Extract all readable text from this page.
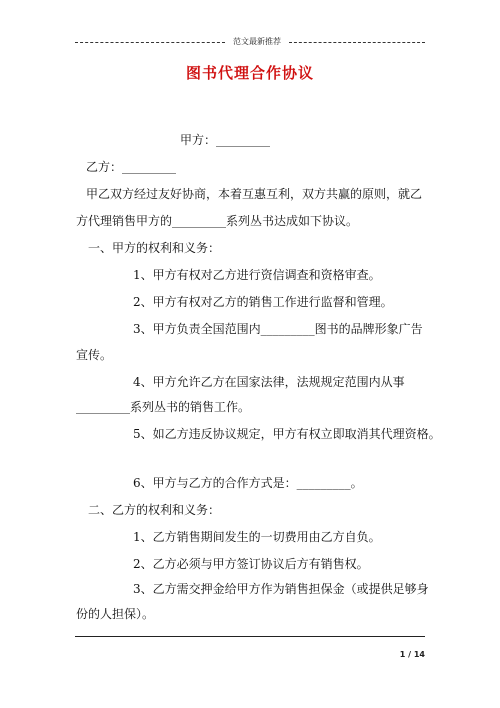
范文最新推荐
图书代理合作协议
甲方：_________
乙方：_________
甲乙双方经过友好协商，本着互惠互利，双方共赢的原则，就乙
方代理销售甲方的_________系列丛书达成如下协议。
一、甲方的权利和义务：
1、甲方有权对乙方进行资信调查和资格审查。
2、甲方有权对乙方的销售工作进行监督和管理。
3、甲方负责全国范围内_________图书的品牌形象广告
宣传。
4、甲方允许乙方在国家法律，法规规定范围内从事
_________系列丛书的销售工作。
5、如乙方违反协议规定，甲方有权立即取消其代理资格。
6、甲方与乙方的合作方式是：_________。
二、乙方的权利和义务：
1、乙方销售期间发生的一切费用由乙方自负。
2、乙方必须与甲方签订协议后方有销售权。
3、乙方需交押金给甲方作为销售担保金（或提供足够身
份的人担保）。
1 / 14
